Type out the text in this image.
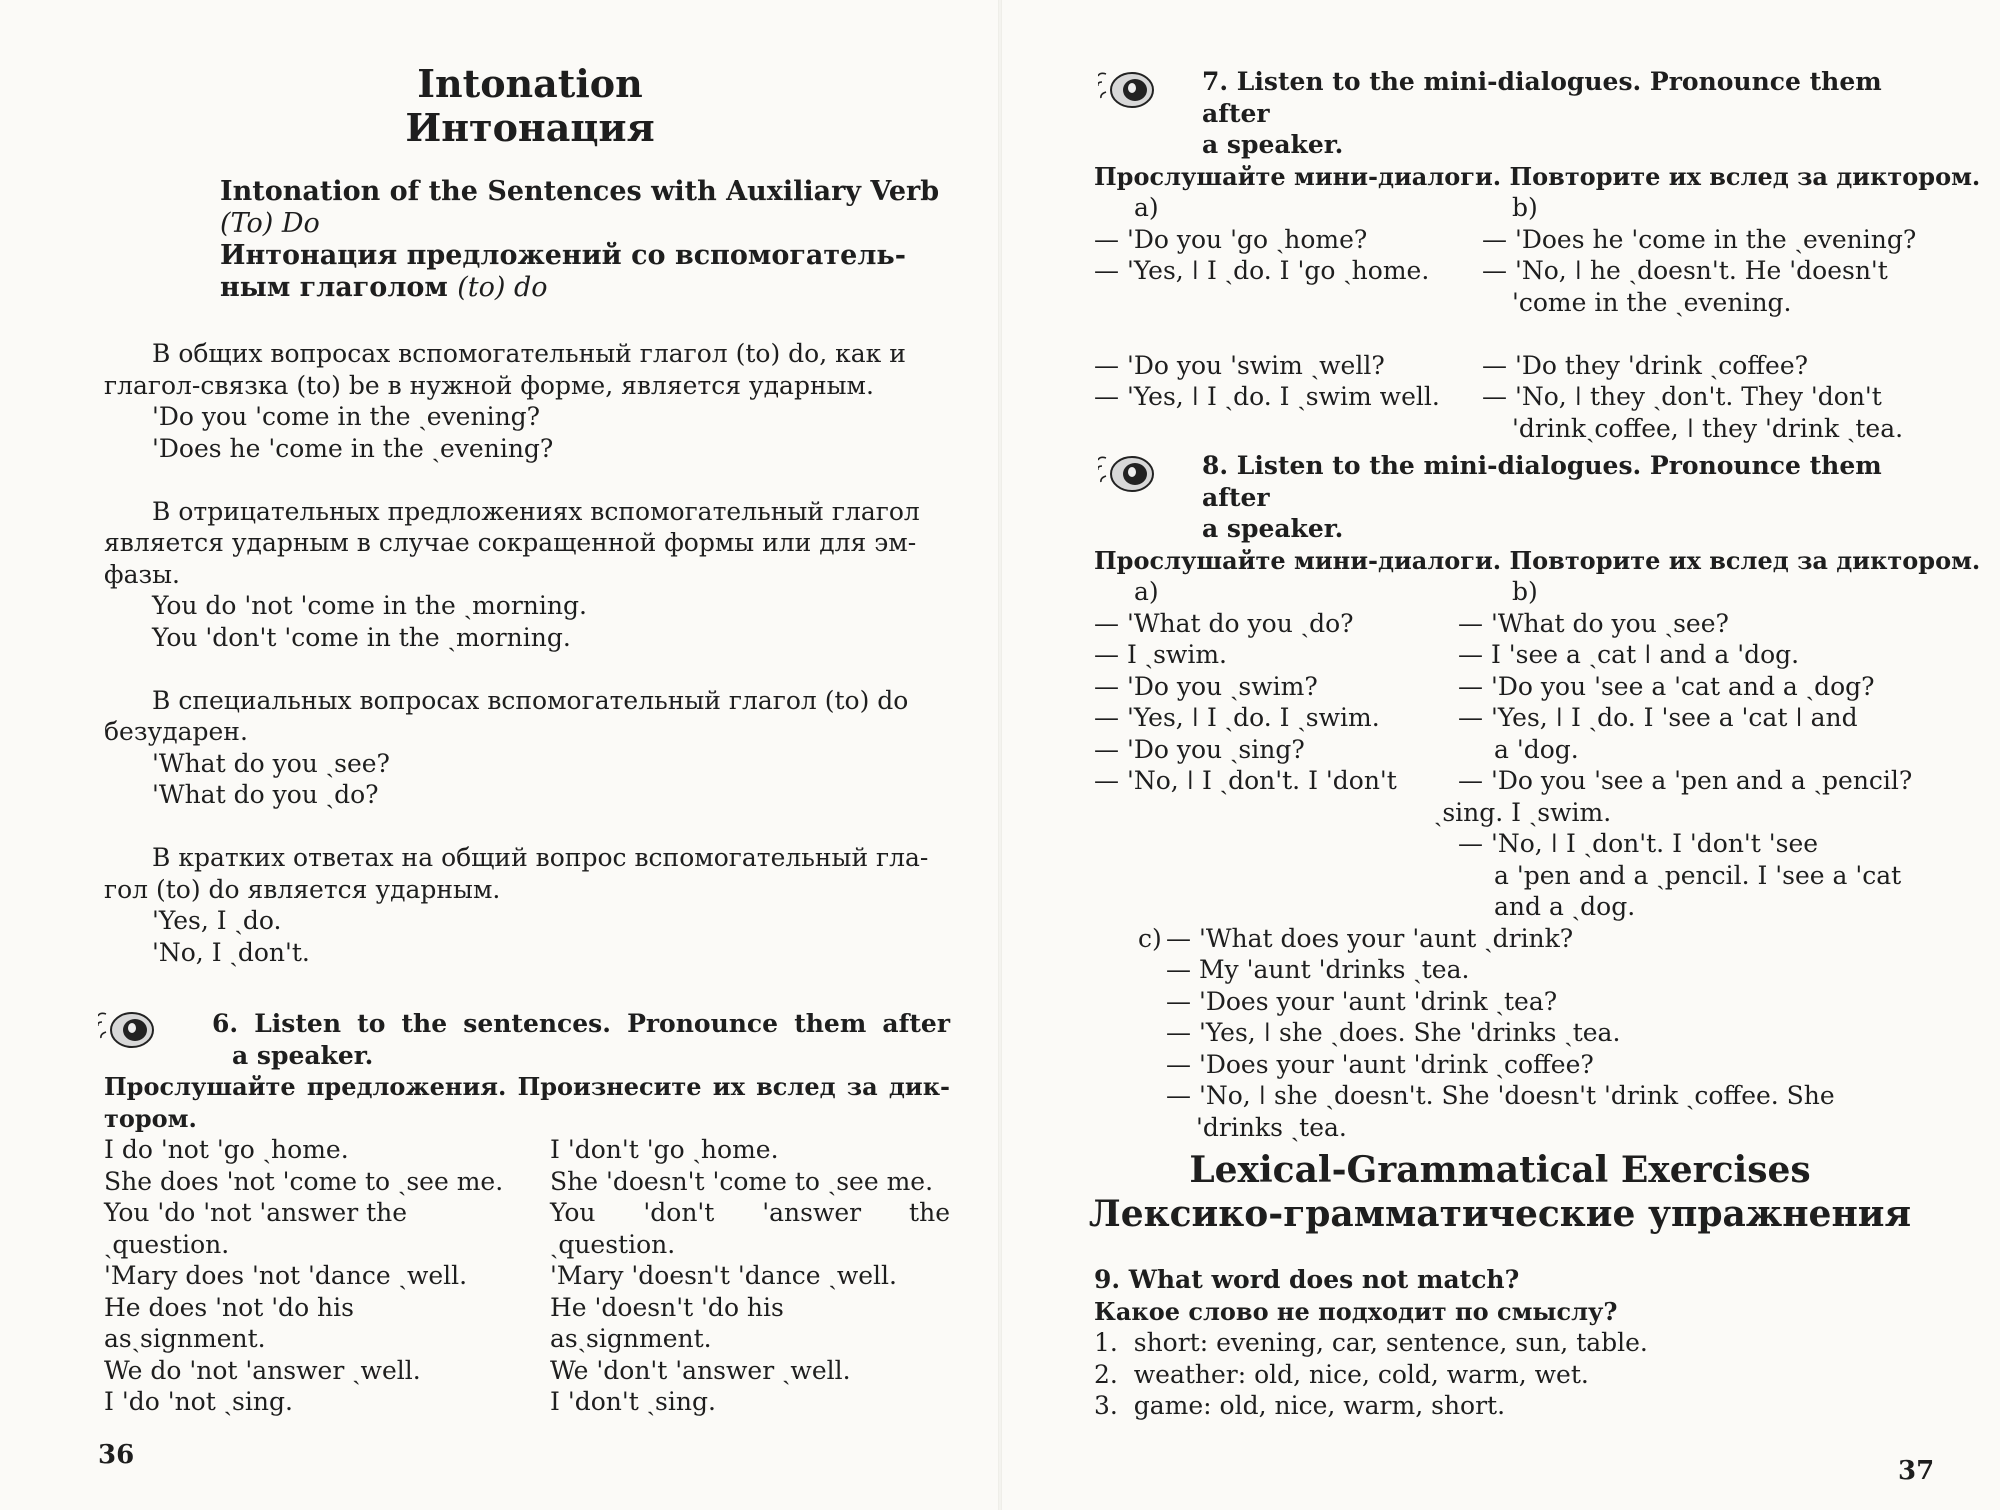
Intonation
Интонация
Intonation of the Sentences with Auxiliary Verb
(To) Do
Интонация предложений со вспомогатель-
ным глаголом (to) do

В общих вопросах вспомогательный глагол (to) do, как и

глагол-связка (to) be в нужной форме, является ударным.

'Do you 'come in the ˏevening?

'Does he 'come in the ˏevening?

В отрицательных предложениях вспомогательный глагол

является ударным в случае сокращенной формы или для эм-

фазы.

You do 'not 'come in the ˎmorning.

You 'don't 'come in the ˎmorning.

В специальных вопросах вспомогательный глагол (to) do

безударен.

'What do you ˎsee?

'What do you ˎdo?

В кратких ответах на общий вопрос вспомогательный гла-

гол (to) do является ударным.

'Yes, I ˎdo.

'No, I ˎdon't.

6. Listen to the sentences. Pronounce them after

a speaker.

Прослушайте предложения. Произнесите их вслед за дик-

тором.

I do 'not 'go ˎhome.

She does 'not 'come to ˎsee me.

You 'do 'not 'answer the

ˎquestion.

'Mary does 'not 'dance ˎwell.

He does 'not 'do his

asˎsignment.

We do 'not 'answer ˎwell.

I 'do 'not ˎsing.

I 'don't 'go ˎhome.

She 'doesn't 'come to ˎsee me.

You 'don't 'answer the

ˎquestion.

'Mary 'doesn't 'dance ˎwell.

He 'doesn't 'do his

asˎsignment.

We 'don't 'answer ˎwell.

I 'don't ˎsing.

36

7. Listen to the mini-dialogues. Pronounce them after

a speaker.

Прослушайте мини-диалоги. Повторите их вслед за диктором.

a)

— 'Do you 'go ˏhome?

— 'Yes, ǀ I ˎdo. I 'go ˎhome.

— 'Do you 'swim ˏwell?

— 'Yes, ǀ I ˎdo. I ˎswim well.

b)

— 'Does he 'come in the ˏevening?

— 'No, ǀ he ˎdoesn't. He 'doesn't

'come in the ˎevening.

— 'Do they 'drink ˏcoffee?

— 'No, ǀ they ˎdon't. They 'don't

'drinkˎcoffee, ǀ they 'drink ˎtea.

8. Listen to the mini-dialogues. Pronounce them after

a speaker.

Прослушайте мини-диалоги. Повторите их вслед за диктором.

a)

— 'What do you ˎdo?

— I ˎswim.

— 'Do you ˏswim?

— 'Yes, ǀ I ˎdo. I ˎswim.

— 'Do you ˏsing?

— 'No, ǀ I ˎdon't. I 'don't

b)

— 'What do you ˎsee?

— I 'see a ˏcat ǀ and a 'dog.

— 'Do you 'see a 'cat and a ˏdog?

— 'Yes, ǀ I ˎdo. I 'see a 'cat ǀ and

a 'dog.

— 'Do you 'see a 'pen and a ˏpencil?

ˎsing. I ˎswim.

— 'No, ǀ I ˎdon't. I 'don't 'see

a 'pen and a ˎpencil. I 'see a 'cat

and a ˎdog.

c) — 'What does your 'aunt ˎdrink?

— My 'aunt 'drinks ˎtea.

— 'Does your 'aunt 'drink ˏtea?

— 'Yes, ǀ she ˎdoes. She 'drinks ˎtea.

— 'Does your 'aunt 'drink ˏcoffee?

— 'No, ǀ she ˎdoesn't. She 'doesn't 'drink ˎcoffee. She

'drinks ˎtea.

Lexical-Grammatical Exercises
Лексико-грамматические упражнения

9. What word does not match?

Какое слово не подходит по смыслу?

1.  short: evening, car, sentence, sun, table.

2.  weather: old, nice, cold, warm, wet.

3.  game: old, nice, warm, short.

37
